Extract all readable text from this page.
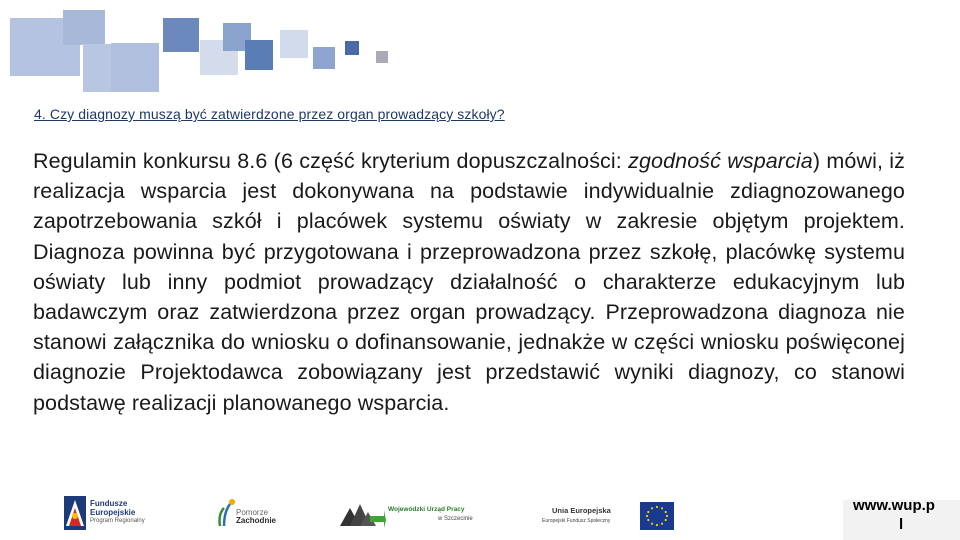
4. Czy diagnozy muszą być zatwierdzone przez organ prowadzący szkoły?
Regulamin konkursu 8.6 (6 część kryterium dopuszczalności: zgodność wsparcia) mówi, iż realizacja wsparcia jest dokonywana na podstawie indywidualnie zdiagnozowanego zapotrzebowania szkół i placówek systemu oświaty w zakresie objętym projektem. Diagnoza powinna być przygotowana i przeprowadzona przez szkołę, placówkę systemu oświaty lub inny podmiot prowadzący działalność o charakterze edukacyjnym lub badawczym oraz zatwierdzona przez organ prowadzący. Przeprowadzona diagnoza nie stanowi załącznika do wniosku o dofinansowanie, jednakże w części wniosku poświęconej diagnozie Projektodawca zobowiązany jest przedstawić wyniki diagnozy, co stanowi podstawę realizacji planowanego wsparcia.
Fundusze
Europejskie
Program Regionalny
Pomorze
Zachodnie
Wojewódzki Urząd Pracy
w Szczecinie
Unia Europejska
Europejski Fundusz Społeczny
www.wup.p
l
